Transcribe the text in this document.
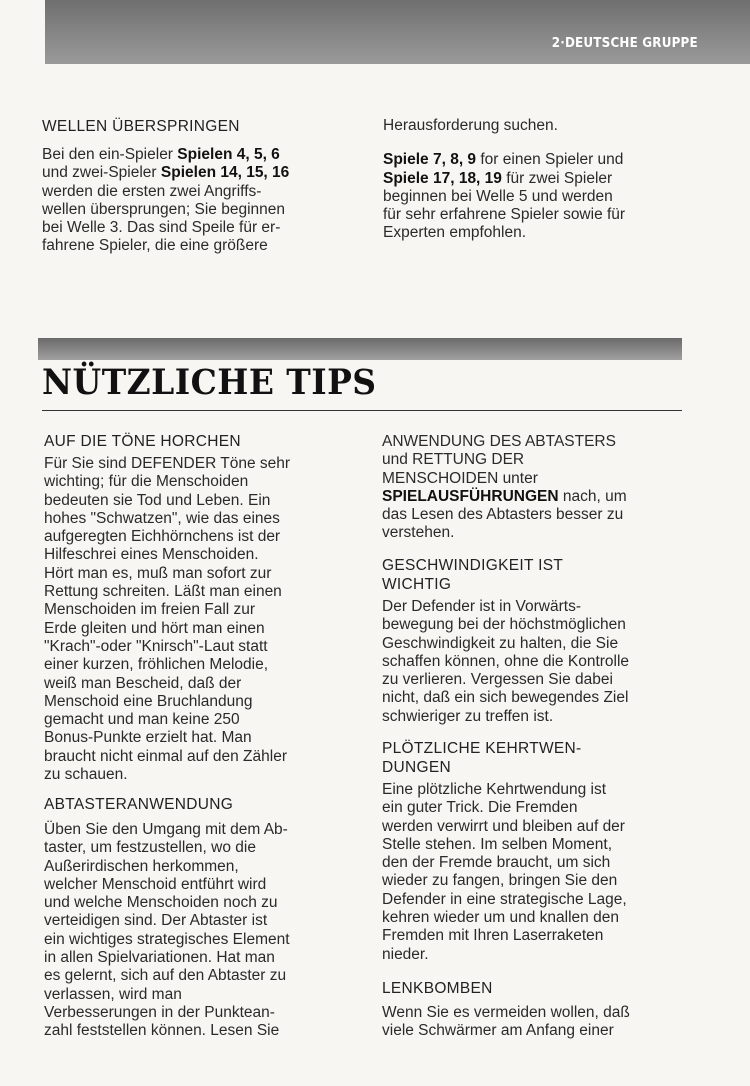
2·DEUTSCHE GRUPPE
WELLEN ÜBERSPRINGEN

Bei den ein-Spieler Spielen 4, 5, 6
und zwei-Spieler Spielen 14, 15, 16
werden die ersten zwei Angriffs-
wellen übersprungen; Sie beginnen
bei Welle 3. Das sind Speile für er-
fahrene Spieler, die eine größere

Herausforderung suchen.

Spiele 7, 8, 9 for einen Spieler und
Spiele 17, 18, 19 für zwei Spieler
beginnen bei Welle 5 und werden
für sehr erfahrene Spieler sowie für
Experten empfohlen.

NÜTZLICHE TIPS
AUF DIE TÖNE HORCHEN

Für Sie sind DEFENDER Töne sehr
wichting; für die Menschoiden
bedeuten sie Tod und Leben. Ein
hohes "Schwatzen", wie das eines
aufgeregten Eichhörnchens ist der
Hilfeschrei eines Menschoiden.
Hört man es, muß man sofort zur
Rettung schreiten. Läßt man einen
Menschoiden im freien Fall zur
Erde gleiten und hört man einen
"Krach"-oder "Knirsch"-Laut statt
einer kurzen, fröhlichen Melodie,
weiß man Bescheid, daß der
Menschoid eine Bruchlandung
gemacht und man keine 250
Bonus-Punkte erzielt hat. Man
braucht nicht einmal auf den Zähler
zu schauen.

ABTASTERANWENDUNG

Üben Sie den Umgang mit dem Ab-
taster, um festzustellen, wo die
Außerirdischen herkommen,
welcher Menschoid entführt wird
und welche Menschoiden noch zu
verteidigen sind. Der Abtaster ist
ein wichtiges strategisches Element
in allen Spielvariationen. Hat man
es gelernt, sich auf den Abtaster zu
verlassen, wird man
Verbesserungen in der Punktean-
zahl feststellen können. Lesen Sie

ANWENDUNG DES ABTASTERS
und RETTUNG DER
MENSCHOIDEN unter
SPIELAUSFÜHRUNGEN nach, um
das Lesen des Abtasters besser zu
verstehen.

GESCHWINDIGKEIT IST
WICHTIG

Der Defender ist in Vorwärts-
bewegung bei der höchstmöglichen
Geschwindigkeit zu halten, die Sie
schaffen können, ohne die Kontrolle
zu verlieren. Vergessen Sie dabei
nicht, daß ein sich bewegendes Ziel
schwieriger zu treffen ist.

PLÖTZLICHE KEHRTWEN-
DUNGEN

Eine plötzliche Kehrtwendung ist
ein guter Trick. Die Fremden
werden verwirrt und bleiben auf der
Stelle stehen. Im selben Moment,
den der Fremde braucht, um sich
wieder zu fangen, bringen Sie den
Defender in eine strategische Lage,
kehren wieder um und knallen den
Fremden mit Ihren Laserraketen
nieder.

LENKBOMBEN

Wenn Sie es vermeiden wollen, daß
viele Schwärmer am Anfang einer
